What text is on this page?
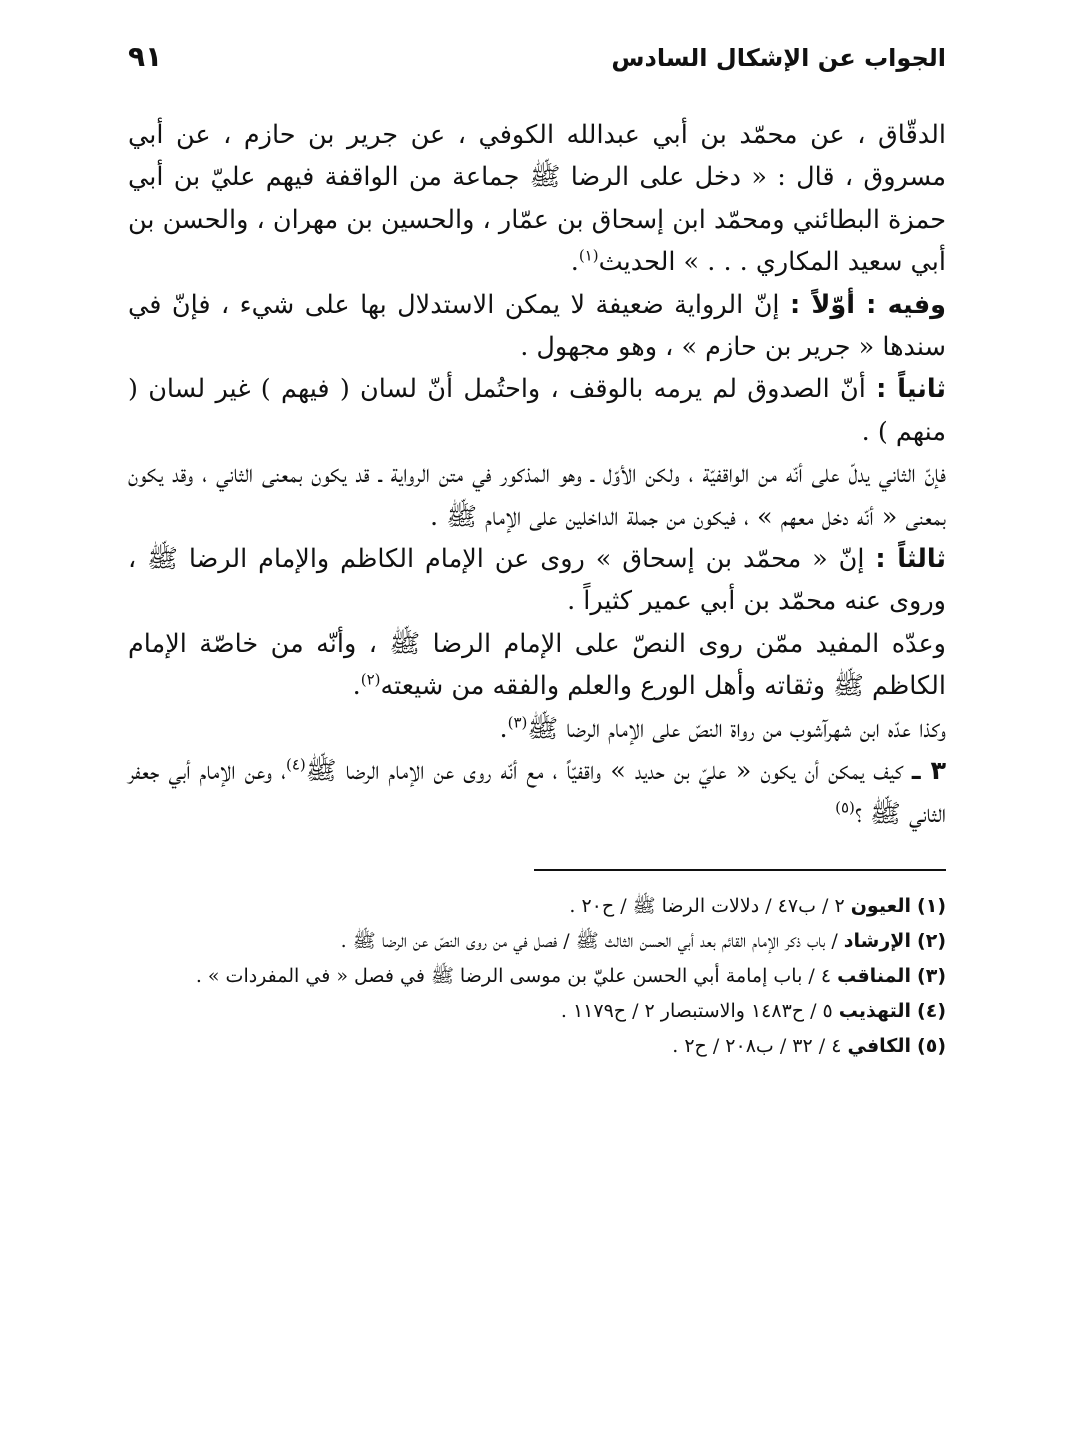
الجواب عن الإشكال السادس
٩١

الدقّاق ، عن محمّد بن أبي عبدالله الكوفي ، عن جرير بن حازم ، عن أبي مسروق ، قال : « دخل على الرضا ﷺ جماعة من الواقفة فيهم عليّ بن أبي حمزة البطائني ومحمّد ابن إسحاق بن عمّار ، والحسين بن مهران ، والحسن بن أبي سعيد المكاري . . . » الحديث$^{(١)}$.

وفيه : أوّلاً : إنّ الرواية ضعيفة لا يمكن الاستدلال بها على شيء ، فإنّ في سندها « جرير بن حازم » ، وهو مجهول .

ثانياً : أنّ الصدوق لم يرمه بالوقف ، واحتُمل أنّ لسان ( فيهم ) غير لسان ( منهم ) .

فإنّ الثاني يدلّ على أنّه من الواقفيّة ، ولكن الأوّل ـ وهو المذكور في متن الرواية ـ قد يكون بمعنى الثاني ، وقد يكون بمعنى « أنّه دخل معهم » ، فيكون من جملة الداخلين على الإمام ﷺ .

ثالثاً : إنّ « محمّد بن إسحاق » روى عن الإمام الكاظم والإمام الرضا ﷺ ، وروى عنه محمّد بن أبي عمير كثيراً .

وعدّه المفيد ممّن روى النصّ على الإمام الرضا ﷺ ، وأنّه من خاصّة الإمام الكاظم ﷺ وثقاته وأهل الورع والعلم والفقه من شيعته$^{(٢)}$.

وكذا عدّه ابن شهرآشوب من رواة النصّ على الإمام الرضا ﷺ$^{(٣)}$.

٣ ـ كيف يمكن أن يكون « عليّ بن حديد » واقفيّاً ، مع أنّه روى عن الإمام الرضا ﷺ$^{(٤)}$، وعن الإمام أبي جعفر الثاني ﷺ ؟$^{(٥)}$

(١) العيون ٢ / ب٤٧ / دلالات الرضا ﷺ / ح٢٠ .

(٢) الإرشاد / باب ذكر الإمام القائم بعد أبي الحسن الثالث ﷺ / فصل في من روى النصّ عن الرضا ﷺ .

(٣) المناقب ٤ / باب إمامة أبي الحسن عليّ بن موسى الرضا ﷺ في فصل « في المفردات » .

(٤) التهذيب ٥ / ح١٤٨٣ والاستبصار ٢ / ح١١٧٩ .

(٥) الكافي ٤ / ٣٢ / ب٢٠٨ / ح٢ .
